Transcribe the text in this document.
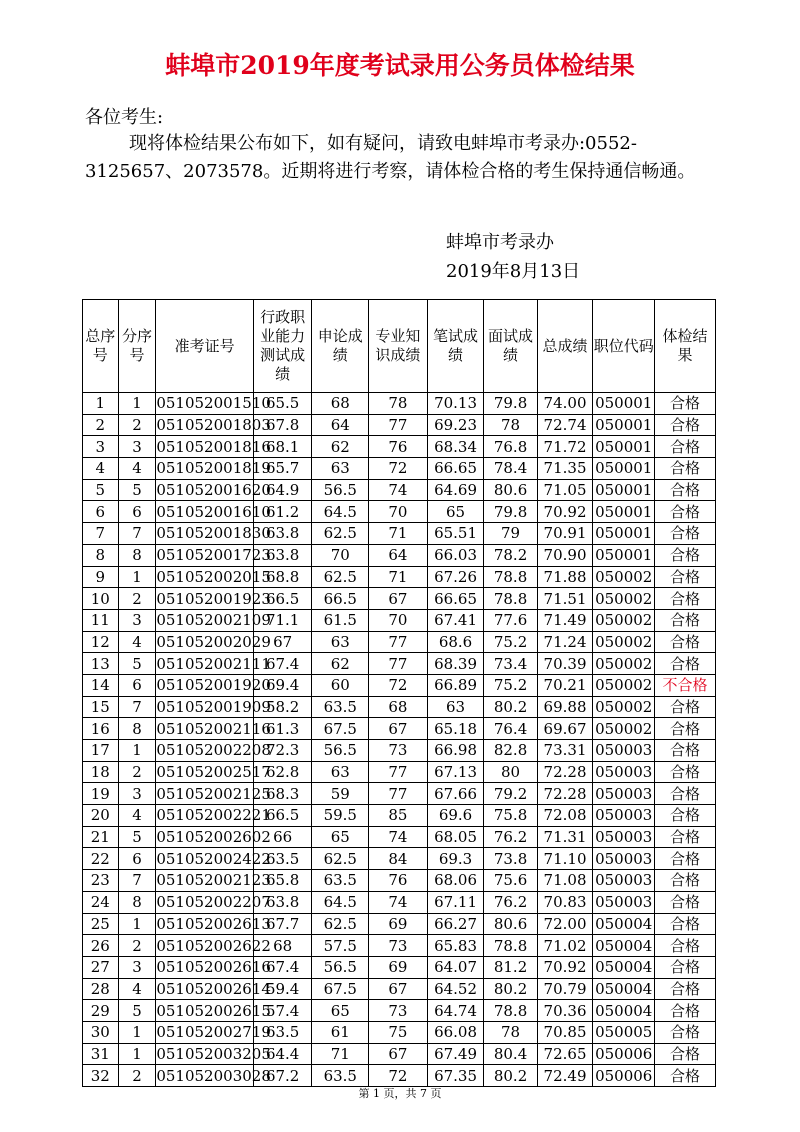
蚌埠市2019年度考试录用公务员体检结果
各位考生:
现将体检结果公布如下，如有疑问，请致电蚌埠市考录办:0552-3125657、2073578。近期将进行考察，请体检合格的考生保持通信畅通。
蚌埠市考录办
2019年8月13日
总序号	分序号	准考证号	行政职业能力测试成绩	申论成绩	专业知识成绩	笔试成绩	面试成绩	总成绩	职位代码	体检结果
1	1	051052001510	65.5	68	78	70.13	79.8	74.00	050001	合格
2	2	051052001803	67.8	64	77	69.23	78	72.74	050001	合格
3	3	051052001816	68.1	62	76	68.34	76.8	71.72	050001	合格
4	4	051052001819	65.7	63	72	66.65	78.4	71.35	050001	合格
5	5	051052001620	64.9	56.5	74	64.69	80.6	71.05	050001	合格
6	6	051052001610	61.2	64.5	70	65	79.8	70.92	050001	合格
7	7	051052001830	63.8	62.5	71	65.51	79	70.91	050001	合格
8	8	051052001723	63.8	70	64	66.03	78.2	70.90	050001	合格
9	1	051052002015	68.8	62.5	71	67.26	78.8	71.88	050002	合格
10	2	051052001923	66.5	66.5	67	66.65	78.8	71.51	050002	合格
11	3	051052002109	71.1	61.5	70	67.41	77.6	71.49	050002	合格
12	4	051052002029	67	63	77	68.6	75.2	71.24	050002	合格
13	5	051052002111	67.4	62	77	68.39	73.4	70.39	050002	合格
14	6	051052001920	69.4	60	72	66.89	75.2	70.21	050002	不合格
15	7	051052001909	58.2	63.5	68	63	80.2	69.88	050002	合格
16	8	051052002116	61.3	67.5	67	65.18	76.4	69.67	050002	合格
17	1	051052002208	72.3	56.5	73	66.98	82.8	73.31	050003	合格
18	2	051052002517	62.8	63	77	67.13	80	72.28	050003	合格
19	3	051052002125	68.3	59	77	67.66	79.2	72.28	050003	合格
20	4	051052002221	66.5	59.5	85	69.6	75.8	72.08	050003	合格
21	5	051052002602	66	65	74	68.05	76.2	71.31	050003	合格
22	6	051052002422	63.5	62.5	84	69.3	73.8	71.10	050003	合格
23	7	051052002123	65.8	63.5	76	68.06	75.6	71.08	050003	合格
24	8	051052002207	63.8	64.5	74	67.11	76.2	70.83	050003	合格
25	1	051052002613	67.7	62.5	69	66.27	80.6	72.00	050004	合格
26	2	051052002622	68	57.5	73	65.83	78.8	71.02	050004	合格
27	3	051052002616	67.4	56.5	69	64.07	81.2	70.92	050004	合格
28	4	051052002614	59.4	67.5	67	64.52	80.2	70.79	050004	合格
29	5	051052002615	57.4	65	73	64.74	78.8	70.36	050004	合格
30	1	051052002719	63.5	61	75	66.08	78	70.85	050005	合格
31	1	051052003205	64.4	71	67	67.49	80.4	72.65	050006	合格
32	2	051052003028	67.2	63.5	72	67.35	80.2	72.49	050006	合格
第 1 页，共 7 页
